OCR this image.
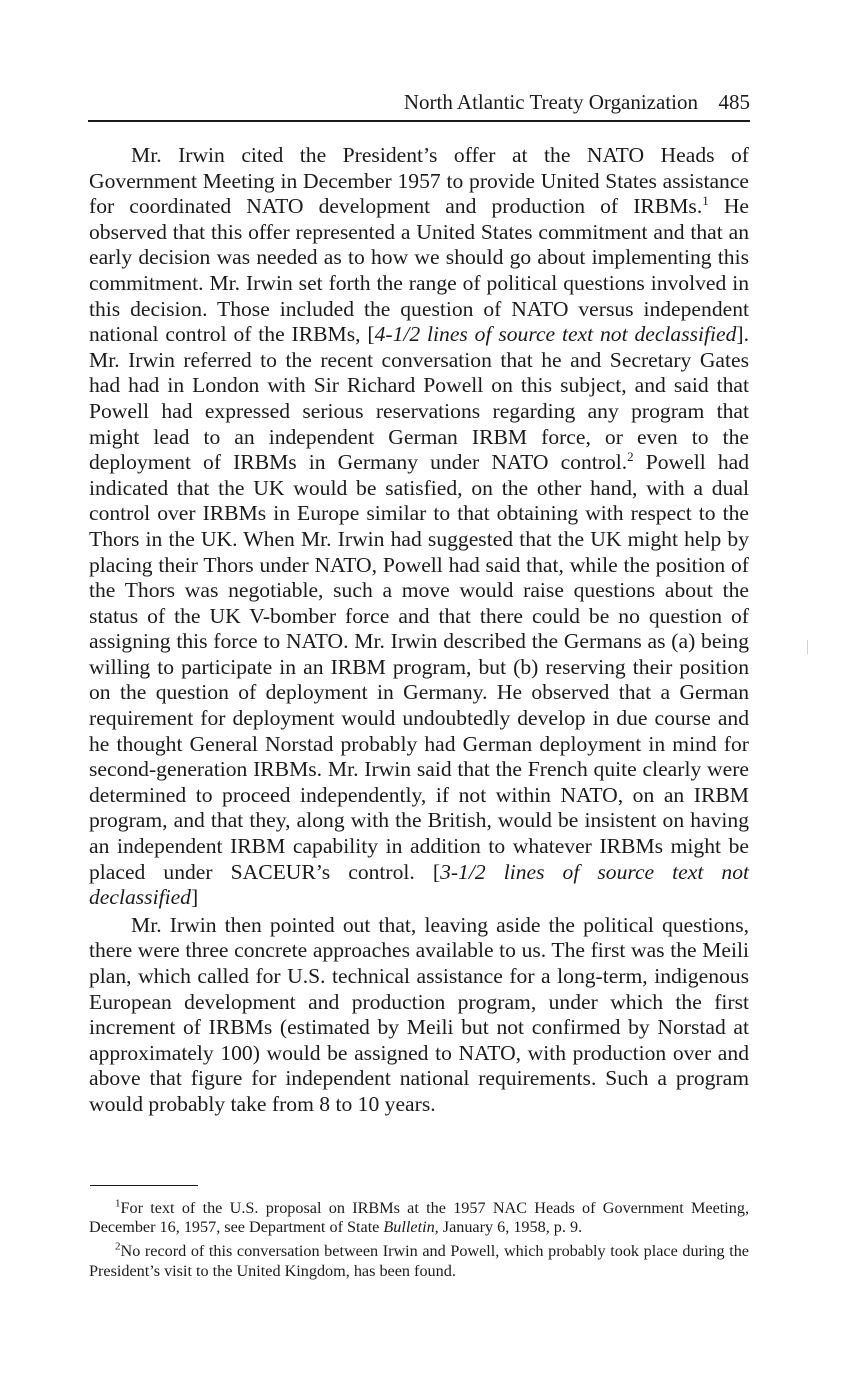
North Atlantic Treaty Organization 485

Mr. Irwin cited the President’s offer at the NATO Heads of Government Meeting in December 1957 to provide United States assistance for coordinated NATO development and production of IRBMs.$^1$ He observed that this offer represented a United States commitment and that an early decision was needed as to how we should go about implementing this commitment. Mr. Irwin set forth the range of political questions involved in this decision. Those included the question of NATO versus independent national control of the IRBMs, [4-1/2 lines of source text not declassified]. Mr. Irwin referred to the recent conversation that he and Secretary Gates had had in London with Sir Richard Powell on this subject, and said that Powell had expressed serious reservations regarding any program that might lead to an independent German IRBM force, or even to the deployment of IRBMs in Germany under NATO control.$^2$ Powell had indicated that the UK would be satisfied, on the other hand, with a dual control over IRBMs in Europe similar to that obtaining with respect to the Thors in the UK. When Mr. Irwin had suggested that the UK might help by placing their Thors under NATO, Powell had said that, while the position of the Thors was negotiable, such a move would raise questions about the status of the UK V-bomber force and that there could be no question of assigning this force to NATO. Mr. Irwin described the Germans as (a) being willing to participate in an IRBM program, but (b) reserving their position on the question of deployment in Germany. He observed that a German requirement for deployment would undoubtedly develop in due course and he thought General Norstad probably had German deployment in mind for second-generation IRBMs. Mr. Irwin said that the French quite clearly were determined to proceed independently, if not within NATO, on an IRBM program, and that they, along with the British, would be insistent on having an independent IRBM capability in addition to whatever IRBMs might be placed under SACEUR’s control. [3-1/2 lines of source text not declassified]

Mr. Irwin then pointed out that, leaving aside the political questions, there were three concrete approaches available to us. The first was the Meili plan, which called for U.S. technical assistance for a long-term, indigenous European development and production program, under which the first increment of IRBMs (estimated by Meili but not confirmed by Norstad at approximately 100) would be assigned to NATO, with production over and above that figure for independent national requirements. Such a program would probably take from 8 to 10 years.

$^1$For text of the U.S. proposal on IRBMs at the 1957 NAC Heads of Government Meeting, December 16, 1957, see Department of State Bulletin, January 6, 1958, p. 9.

$^2$No record of this conversation between Irwin and Powell, which probably took place during the President’s visit to the United Kingdom, has been found.
